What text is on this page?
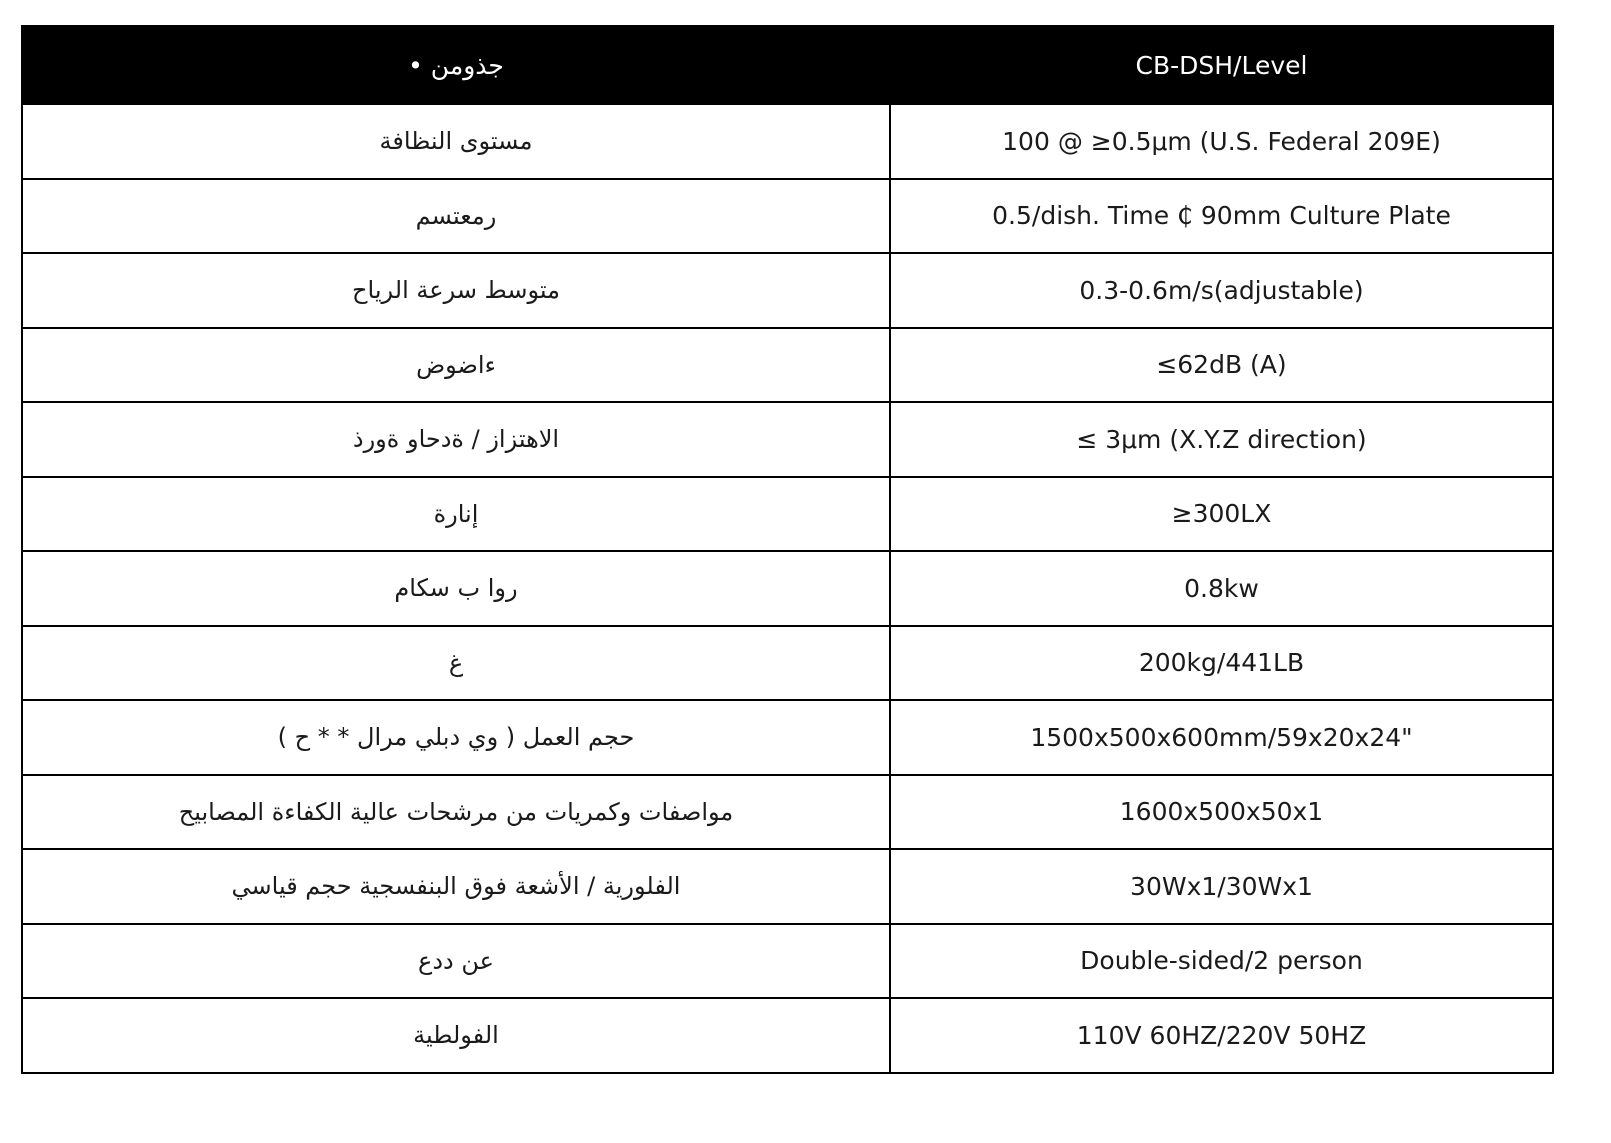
جذومن •	CB-DSH/Level
مستوى النظافة	100 @ ≥0.5μm (U.S. Federal 209E)
رمعتسم	0.5/dish. Time ₵ 90mm Culture Plate
متوسط سرعة الرياح	0.3-0.6m/s(adjustable)
ءاضوض	≤62dB (A)
الاهتزاز / ةدحاو ةورذ	≤ 3μm (X.Y.Z direction)
إنارة	≥300LX
روا ب سكام	0.8kw
غ	200kg/441LB
حجم العمل ( وي دبلي مرال * * ح )	1500x500x600mm/59x20x24"
مواصفات وكمريات من مرشحات عالية الكفاءة المصابيح	1600x500x50x1
الفلورية / الأشعة فوق البنفسجية حجم قياسي	30Wx1/30Wx1
عن ددع	Double-sided/2 person
الفولطية	110V 60HZ/220V 50HZ
